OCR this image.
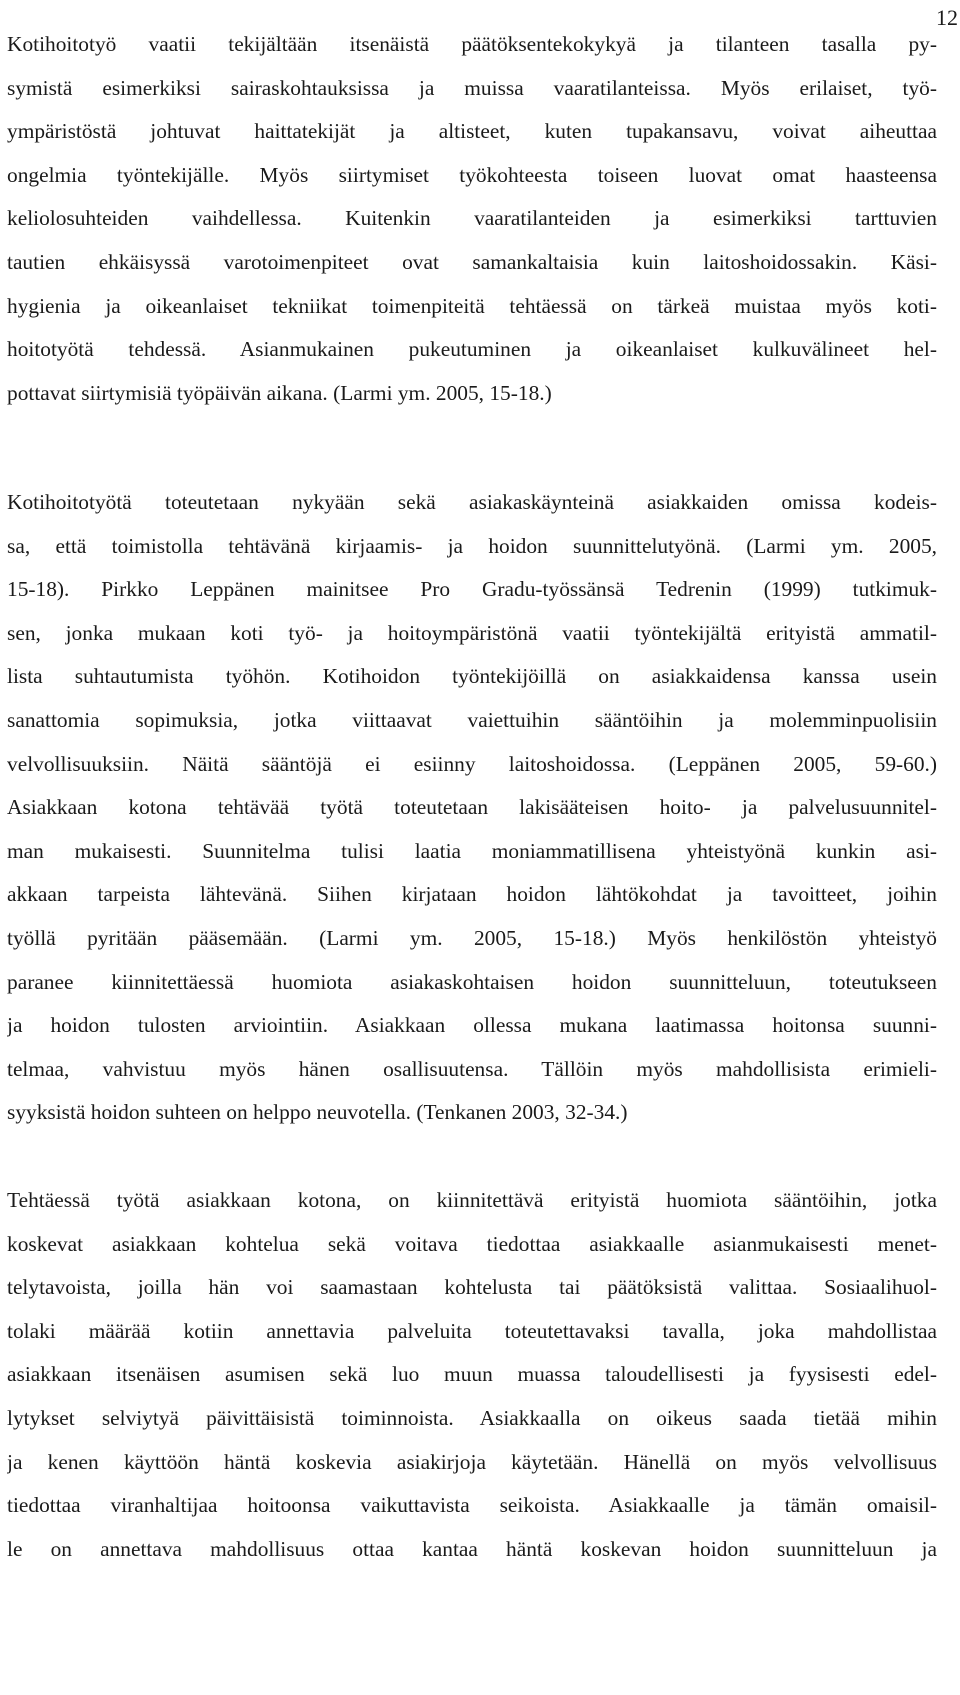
12
Kotihoitotyö vaatii tekijältään itsenäistä päätöksentekokykyä ja tilanteen tasalla py-
symistä esimerkiksi sairaskohtauksissa ja muissa vaaratilanteissa. Myös erilaiset, työ-
ympäristöstä johtuvat haittatekijät ja altisteet, kuten tupakansavu, voivat aiheuttaa
ongelmia työntekijälle. Myös siirtymiset työkohteesta toiseen luovat omat haasteensa
keliolosuhteiden vaihdellessa. Kuitenkin vaaratilanteiden ja esimerkiksi tarttuvien
tautien ehkäisyssä varotoimenpiteet ovat samankaltaisia kuin laitoshoidossakin. Käsi-
hygienia ja oikeanlaiset tekniikat toimenpiteitä tehtäessä on tärkeä muistaa myös koti-
hoitotyötä tehdessä. Asianmukainen pukeutuminen ja oikeanlaiset kulkuvälineet hel-
pottavat siirtymisiä työpäivän aikana. (Larmi ym. 2005, 15-18.)
Kotihoitotyötä toteutetaan nykyään sekä asiakaskäynteinä asiakkaiden omissa kodeis-
sa, että toimistolla tehtävänä kirjaamis- ja hoidon suunnittelutyönä. (Larmi ym. 2005,
15-18). Pirkko Leppänen mainitsee Pro Gradu-työssänsä Tedrenin (1999) tutkimuk-
sen, jonka mukaan koti työ- ja hoitoympäristönä vaatii työntekijältä erityistä ammatil-
lista suhtautumista työhön. Kotihoidon työntekijöillä on asiakkaidensa kanssa usein
sanattomia sopimuksia, jotka viittaavat vaiettuihin sääntöihin ja molemminpuolisiin
velvollisuuksiin. Näitä sääntöjä ei esiinny laitoshoidossa. (Leppänen 2005, 59-60.)
Asiakkaan kotona tehtävää työtä toteutetaan lakisääteisen hoito- ja palvelusuunnitel-
man mukaisesti. Suunnitelma tulisi laatia moniammatillisena yhteistyönä kunkin asi-
akkaan tarpeista lähtevänä. Siihen kirjataan hoidon lähtökohdat ja tavoitteet, joihin
työllä pyritään pääsemään. (Larmi ym. 2005, 15-18.) Myös henkilöstön yhteistyö
paranee kiinnitettäessä huomiota asiakaskohtaisen hoidon suunnitteluun, toteutukseen
ja hoidon tulosten arviointiin. Asiakkaan ollessa mukana laatimassa hoitonsa suunni-
telmaa, vahvistuu myös hänen osallisuutensa. Tällöin myös mahdollisista erimieli-
syyksistä hoidon suhteen on helppo neuvotella. (Tenkanen 2003, 32-34.)
Tehtäessä työtä asiakkaan kotona, on kiinnitettävä erityistä huomiota sääntöihin, jotka
koskevat asiakkaan kohtelua sekä voitava tiedottaa asiakkaalle asianmukaisesti menet-
telytavoista, joilla hän voi saamastaan kohtelusta tai päätöksistä valittaa. Sosiaalihuol-
tolaki määrää kotiin annettavia palveluita toteutettavaksi tavalla, joka mahdollistaa
asiakkaan itsenäisen asumisen sekä luo muun muassa taloudellisesti ja fyysisesti edel-
lytykset selviytyä päivittäisistä toiminnoista. Asiakkaalla on oikeus saada tietää mihin
ja kenen käyttöön häntä koskevia asiakirjoja käytetään. Hänellä on myös velvollisuus
tiedottaa viranhaltijaa hoitoonsa vaikuttavista seikoista. Asiakkaalle ja tämän omaisil-
le on annettava mahdollisuus ottaa kantaa häntä koskevan hoidon suunnitteluun ja
